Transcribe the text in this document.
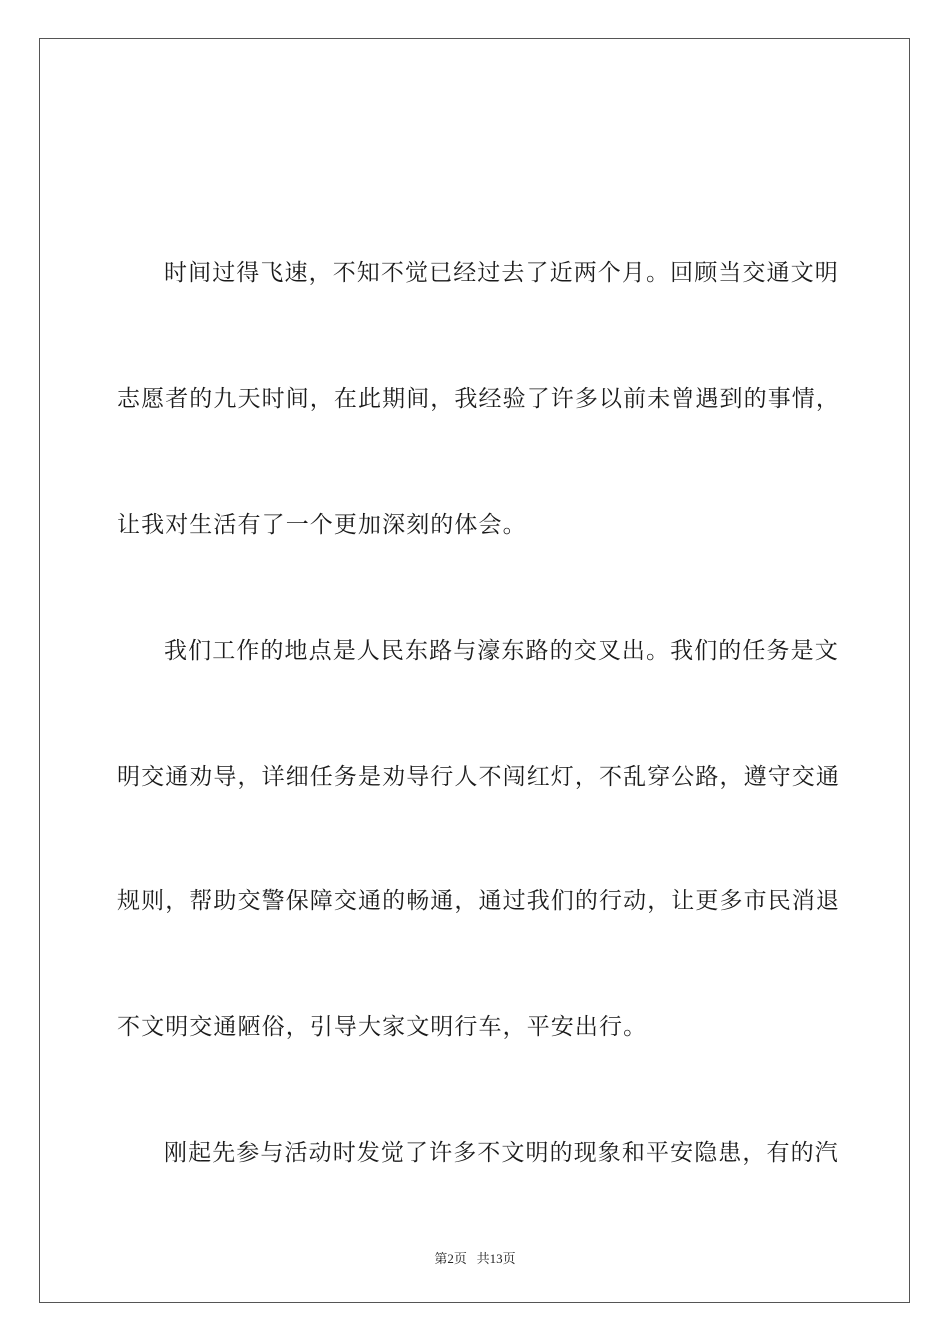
时间过得飞速，不知不觉已经过去了近两个月。回顾当交通文明

志愿者的九天时间，在此期间，我经验了许多以前未曾遇到的事情，

让我对生活有了一个更加深刻的体会。

我们工作的地点是人民东路与濠东路的交叉出。我们的任务是文

明交通劝导，详细任务是劝导行人不闯红灯，不乱穿公路，遵守交通

规则，帮助交警保障交通的畅通，通过我们的行动，让更多市民消退

不文明交通陋俗，引导大家文明行车，平安出行。

刚起先参与活动时发觉了许多不文明的现象和平安隐患，有的汽

第2页 共13页
